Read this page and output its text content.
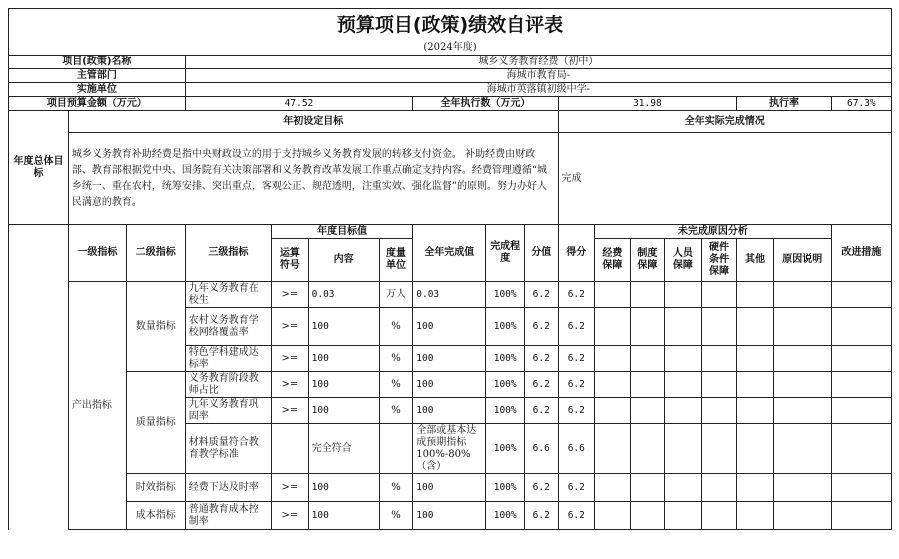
预算项目(政策)绩效自评表																	
(2024年度)																	
项目(政策)名称			城乡义务教育经费（初中）														
主管部门			海城市教育局-														
实施单位			海城市英落镇初级中学-														
项目预算金额（万元）			47.52				全年执行数（万元）			31.98					执行率		67.3%
年度总体目标	年初设定目标									全年实际完成情况							
	城乡义务教育补助经费是指中央财政设立的用于支持城乡义务教育发展的转移支付资金。 补助经费由财政部、教育部根据党中央、国务院有关决策部署和义务教育改革发展工作重点确定支持内容。经费管理遵循“城乡统一、重在农村，统筹安排、突出重点，客观公正、规范透明，注重实效、强化监督”的原则。努力办好人民满意的教育。									完成							
	一级指标	二级指标	三级指标	年度目标值			全年完成值	完成程度	分值	得分	未完成原因分析						改进措施
				运算符号	内容	度量单位					经费保障	制度保障	人员保障	硬件条件保障	其他	原因说明	
	产出指标	数量指标	九年义务教育在校生	>=	0.03	万人	0.03	100%	6.2	6.2							
			农村义务教育学校网络覆盖率	>=	100	%	100	100%	6.2	6.2							
			特色学科建成达标率	>=	100	%	100	100%	6.2	6.2							
		质量指标	义务教育阶段教师占比	>=	100	%	100	100%	6.2	6.2							
			九年义务教育巩固率	>=	100	%	100	100%	6.2	6.2							
			材料质量符合教育教学标准		完全符合		全部或基本达成预期指标100%-80%（含）	100%	6.6	6.6							
		时效指标	经费下达及时率	>=	100	%	100	100%	6.2	6.2							
		成本指标	普通教育成本控制率	>=	100	%	100	100%	6.2	6.2							
